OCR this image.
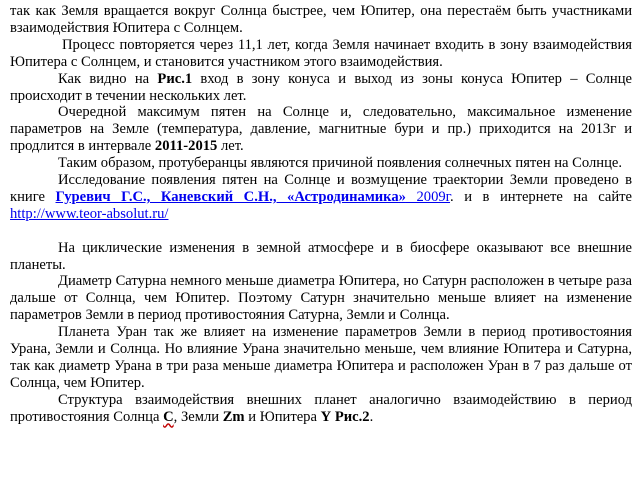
так как Земля вращается вокруг Солнца быстрее, чем Юпитер, она перестаём быть участниками взаимодействия Юпитера с Солнцем.

Процесс повторяется через 11,1 лет, когда Земля начинает входить в зону взаимодействия Юпитера с Солнцем, и становится участником этого взаимодействия.

Как видно на Рис.1 вход в зону конуса и выход из зоны конуса Юпитер – Солнце происходит в течении нескольких лет.

Очередной максимум пятен на Солнце и, следовательно, максимальное изменение параметров на Земле (температура, давление, магнитные бури и пр.) приходится на 2013г и продлится в интервале 2011-2015 лет.

Таким образом, протуберанцы являются причиной появления солнечных пятен на Солнце.

Исследование появления пятен на Солнце и возмущение траектории Земли проведено в книге Гуревич Г.С., Каневский С.Н., «Астродинамика» 2009г. и в интернете на сайте http://www.teor-absolut.ru/

На циклические изменения в земной атмосфере и в биосфере оказывают все внешние планеты.

Диаметр Сатурна немного меньше диаметра Юпитера, но Сатурн расположен в четыре раза дальше от Солнца, чем Юпитер. Поэтому Сатурн значительно меньше влияет на изменение параметров Земли в период противостояния Сатурна, Земли и Солнца.

Планета Уран так же влияет на изменение параметров Земли в период противостояния Урана, Земли и Солнца. Но влияние Урана значительно меньше, чем влияние Юпитера и Сатурна, так как диаметр Урана в три раза меньше диаметра Юпитера и расположен Уран в 7 раз дальше от Солнца, чем Юпитер.

Структура взаимодействия внешних планет аналогично взаимодействию в период противостояния Солнца С, Земли Zm и Юпитера Y Рис.2.
